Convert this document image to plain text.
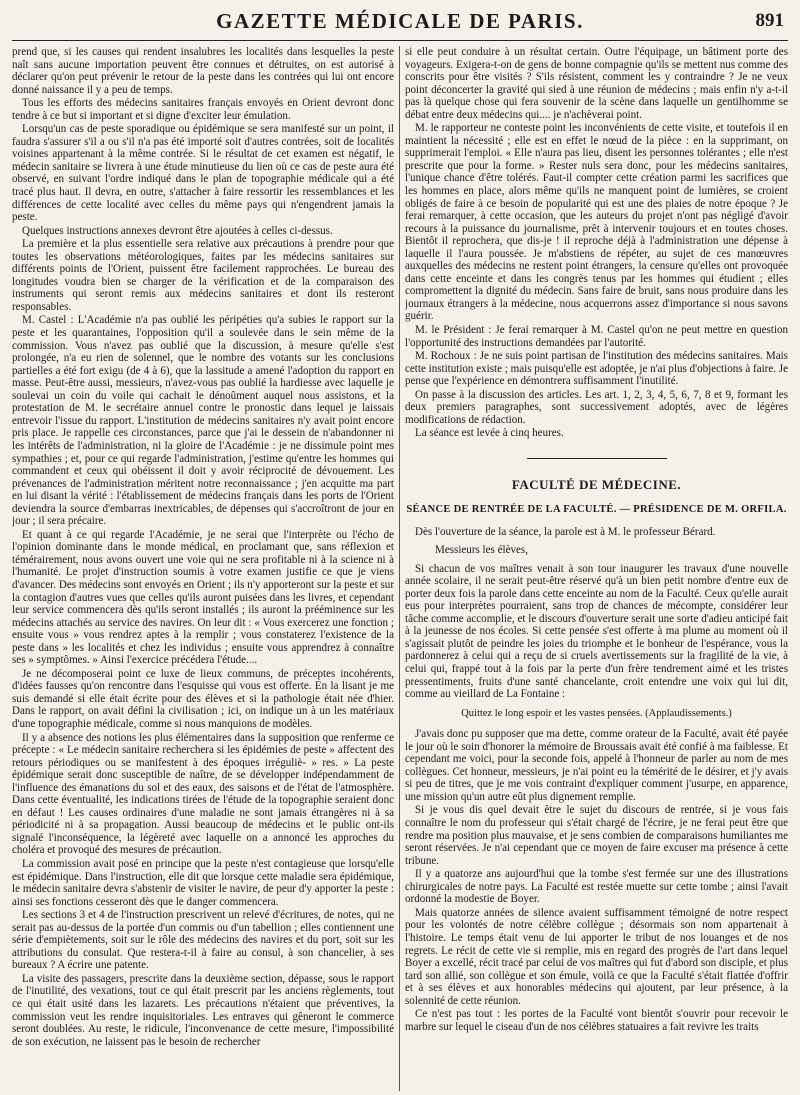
GAZETTE MÉDICALE DE PARIS.	891

prend que, si les causes qui rendent insalubres les localités dans lesquelles la peste naît sans aucune importation peuvent être connues et détruites, on est autorisé à déclarer qu'on peut prévenir le retour de la peste dans les contrées qui lui ont encore donné naissance il y a peu de temps.

Tous les efforts des médecins sanitaires français envoyés en Orient devront donc tendre à ce but si important et si digne d'exciter leur émulation.

Lorsqu'un cas de peste sporadique ou épidémique se sera manifesté sur un point, il faudra s'assurer s'il a ou s'il n'a pas été importé soit d'autres contrées, soit de localités voisines appartenant à la même contrée. Si le résultat de cet examen est négatif, le médecin sanitaire se livrera à une étude minutieuse du lien où ce cas de peste aura été observé, en suivant l'ordre indiqué dans le plan de topographie médicale qui a été tracé plus haut. Il devra, en outre, s'attacher à faire ressortir les ressemblances et les différences de cette localité avec celles du même pays qui n'engendrent jamais la peste.

Quelques instructions annexes devront être ajoutées à celles ci-dessus.

La première et la plus essentielle sera relative aux précautions à prendre pour que toutes les observations météorologiques, faites par les médecins sanitaires sur différents points de l'Orient, puissent être facilement rapprochées. Le bureau des longitudes voudra bien se charger de la vérification et de la comparaison des instruments qui seront remis aux médecins sanitaires et dont ils resteront responsables.

M. Castel : L'Académie n'a pas oublié les péripéties qu'a subies le rapport sur la peste et les quarantaines, l'opposition qu'il a soulevée dans le sein même de la commission. Vous n'avez pas oublié que la discussion, à mesure qu'elle s'est prolongée, n'a eu rien de solennel, que le nombre des votants sur les conclusions partielles a été fort exigu (de 4 à 6), que la lassitude a amené l'adoption du rapport en masse. Peut-être aussi, messieurs, n'avez-vous pas oublié la hardiesse avec laquelle je soulevai un coin du voile qui cachait le dénoûment auquel nous assistons, et la protestation de M. le secrétaire annuel contre le pronostic dans lequel je laissais entrevoir l'issue du rapport. L'institution de médecins sanitaires n'y avait point encore pris place. Je rappelle ces circonstances, parce que j'ai le dessein de n'abandonner ni les intérêts de l'administration, ni la gloire de l'Académie : je ne dissimule point mes sympathies ; et, pour ce qui regarde l'administration, j'estime qu'entre les hommes qui commandent et ceux qui obéissent il doit y avoir réciprocité de dévouement. Les prévenances de l'administration méritent notre reconnaissance ; j'en acquitte ma part en lui disant la vérité : l'établissement de médecins français dans les ports de l'Orient deviendra la source d'embarras inextricables, de dépenses qui s'accroîtront de jour en jour ; il sera précaire.

Et quant à ce qui regarde l'Académie, je ne serai que l'interprète ou l'écho de l'opinion dominante dans le monde médical, en proclamant que, sans réflexion et témérairement, nous avons ouvert une voie qui ne sera profitable ni à la science ni à l'humanité. Le projet d'instruction soumis à votre examen justifie ce que je viens d'avancer. Des médecins sont envoyés en Orient ; ils n'y apporteront sur la peste et sur la contagion d'autres vues que celles qu'ils auront puisées dans les livres, et cependant leur service commencera dès qu'ils seront installés ; ils auront la prééminence sur les médecins attachés au service des navires. On leur dit : « Vous exercerez une fonction ; ensuite vous » vous rendrez aptes à la remplir ; vous constaterez l'existence de la peste dans » les localités et chez les individus ; ensuite vous apprendrez à connaître ses » symptômes. » Ainsi l'exercice précédera l'étude....

Je ne décomposerai point ce luxe de lieux communs, de préceptes incohérents, d'idées fausses qu'on rencontre dans l'esquisse qui vous est offerte. En la lisant je me suis demandé si elle était écrite pour des élèves et si la pathologie était née d'hier. Dans le rapport, on avait défini la civilisation ; ici, on indique un à un les matériaux d'une topographie médicale, comme si nous manquions de modèles.

Il y a absence des notions les plus élémentaires dans la supposition que renferme ce précepte : « Le médecin sanitaire recherchera si les épidémies de peste » affectent des retours périodiques ou se manifestent à des époques irréguliè- » res. » La peste épidémique serait donc susceptible de naître, de se développer indépendamment de l'influence des émanations du sol et des eaux, des saisons et de l'état de l'atmosphère. Dans cette éventualité, les indications tirées de l'étude de la topographie seraient donc en défaut ! Les causes ordinaires d'une maladie ne sont jamais étrangères ni à sa périodicité ni à sa propagation. Aussi beaucoup de médecins et le public ont-ils signalé l'inconséquence, la légèreté avec laquelle on a annoncé les approches du choléra et provoqué des mesures de précaution.

La commission avait posé en principe que la peste n'est contagieuse que lorsqu'elle est épidémique. Dans l'instruction, elle dit que lorsque cette maladie sera épidémique, le médecin sanitaire devra s'abstenir de visiter le navire, de peur d'y apporter la peste : ainsi ses fonctions cesseront dès que le danger commencera.

Les sections 3 et 4 de l'instruction prescrivent un relevé d'écritures, de notes, qui ne serait pas au-dessus de la portée d'un commis ou d'un tabellion ; elles contiennent une série d'empiètements, soit sur le rôle des médecins des navires et du port, soit sur les attributions du consulat. Que restera-t-il à faire au consul, à son chancelier, à ses bureaux ? A écrire une patente.

La visite des passagers, prescrite dans la deuxième section, dépasse, sous le rapport de l'inutilité, des vexations, tout ce qui était prescrit par les anciens règlements, tout ce qui était usité dans les lazarets. Les précautions n'étaient que préventives, la commission veut les rendre inquisitoriales. Les entraves qui gêneront le commerce seront doublées. Au reste, le ridicule, l'inconvenance de cette mesure, l'impossibilité de son exécution, ne laissent pas le besoin de rechercher

si elle peut conduire à un résultat certain. Outre l'équipage, un bâtiment porte des voyageurs. Exigera-t-on de gens de bonne compagnie qu'ils se mettent nus comme des conscrits pour être visités ? S'ils résistent, comment les y contraindre ? Je ne veux point déconcerter la gravité qui sied à une réunion de médecins ; mais enfin n'y a-t-il pas là quelque chose qui fera souvenir de la scène dans laquelle un gentilhomme se débat entre deux médecins qui.... je n'achèverai point.

M. le rapporteur ne conteste point les inconvénients de cette visite, et toutefois il en maintient la nécessité ; elle est en effet le nœud de la pièce : en la supprimant, on supprimerait l'emploi. « Elle n'aura pas lieu, disent les personnes tolérantes ; elle n'est prescrite que pour la forme. » Rester nuls sera donc, pour les médecins sanitaires, l'unique chance d'être tolérés. Faut-il compter cette création parmi les sacrifices que les hommes en place, alors même qu'ils ne manquent point de lumières, se croient obligés de faire à ce besoin de popularité qui est une des plaies de notre époque ? Je ferai remarquer, à cette occasion, que les auteurs du projet n'ont pas négligé d'avoir recours à la puissance du journalisme, prêt à intervenir toujours et en toutes choses. Bientôt il reprochera, que dis-je ! il reproche déjà à l'administration une dépense à laquelle il l'aura poussée. Je m'abstiens de répéter, au sujet de ces manœuvres auxquelles des médecins ne restent point étrangers, la censure qu'elles ont provoquée dans cette enceinte et dans les congrès tenus par les hommes qui étudient ; elles compromettent la dignité du médecin. Sans faire de bruit, sans nous produire dans les journaux étrangers à la médecine, nous acquerrons assez d'importance si nous savons guérir.

M. le Président : Je ferai remarquer à M. Castel qu'on ne peut mettre en question l'opportunité des instructions demandées par l'autorité.

M. Rochoux : Je ne suis point partisan de l'institution des médecins sanitaires. Mais cette institution existe ; mais puisqu'elle est adoptée, je n'ai plus d'objections à faire. Je pense que l'expérience en démontrera suffisamment l'inutilité.

On passe à la discussion des articles. Les art. 1, 2, 3, 4, 5, 6, 7, 8 et 9, formant les deux premiers paragraphes, sont successivement adoptés, avec de légères modifications de rédaction.

La séance est levée à cinq heures.

FACULTÉ DE MÉDECINE.
SÉANCE DE RENTRÉE DE LA FACULTÉ. — PRÉSIDENCE DE M. ORFILA.

Dès l'ouverture de la séance, la parole est à M. le professeur Bérard.

Messieurs les élèves,

Si chacun de vos maîtres venait à son tour inaugurer les travaux d'une nouvelle année scolaire, il ne serait peut-être réservé qu'à un bien petit nombre d'entre eux de porter deux fois la parole dans cette enceinte au nom de la Faculté. Ceux qu'elle aurait eus pour interprètes pourraient, sans trop de chances de mécompte, considérer leur tâche comme accomplie, et le discours d'ouverture serait une sorte d'adieu anticipé fait à la jeunesse de nos écoles. Si cette pensée s'est offerte à ma plume au moment où il s'agissait plutôt de peindre les joies du triomphe et le bonheur de l'espérance, vous la pardonnerez à celui qui a reçu de si cruels avertissements sur la fragilité de la vie, à celui qui, frappé tout à la fois par la perte d'un frère tendrement aimé et les tristes pressentiments, fruits d'une santé chancelante, croit entendre une voix qui lui dit, comme au vieillard de La Fontaine :

Quittez le long espoir et les vastes pensées. (Applaudissements.)

J'avais donc pu supposer que ma dette, comme orateur de la Faculté, avait été payée le jour où le soin d'honorer la mémoire de Broussais avait été confié à ma faiblesse. Et cependant me voici, pour la seconde fois, appelé à l'honneur de parler au nom de mes collègues. Cet honneur, messieurs, je n'ai point eu la témérité de le désirer, et j'y avais si peu de titres, que je me vois contraint d'expliquer comment j'usurpe, en apparence, une mission qu'un autre eût plus dignement remplie.

Si je vous dis quel devait être le sujet du discours de rentrée, si je vous fais connaître le nom du professeur qui s'était chargé de l'écrire, je ne ferai peut être que rendre ma position plus mauvaise, et je sens combien de comparaisons humiliantes me seront réservées. Je n'ai cependant que ce moyen de faire excuser ma présence à cette tribune.

Il y a quatorze ans aujourd'hui que la tombe s'est fermée sur une des illustrations chirurgicales de notre pays. La Faculté est restée muette sur cette tombe ; ainsi l'avait ordonné la modestie de Boyer.

Mais quatorze années de silence avaient suffisamment témoigné de notre respect pour les volontés de notre célèbre collègue ; désormais son nom appartenait à l'histoire. Le temps était venu de lui apporter le tribut de nos louanges et de nos regrets. Le récit de cette vie si remplie, mis en regard des progrès de l'art dans lequel Boyer a excellé, récit tracé par celui de vos maîtres qui fut d'abord son disciple, et plus tard son allié, son collègue et son émule, voilà ce que la Faculté s'était flattée d'offrir et à ses élèves et aux honorables médecins qui ajoutent, par leur présence, à la solennité de cette réunion.

Ce n'est pas tout : les portes de la Faculté vont bientôt s'ouvrir pour recevoir le marbre sur lequel le ciseau d'un de nos célèbres statuaires a fait revivre les traits
